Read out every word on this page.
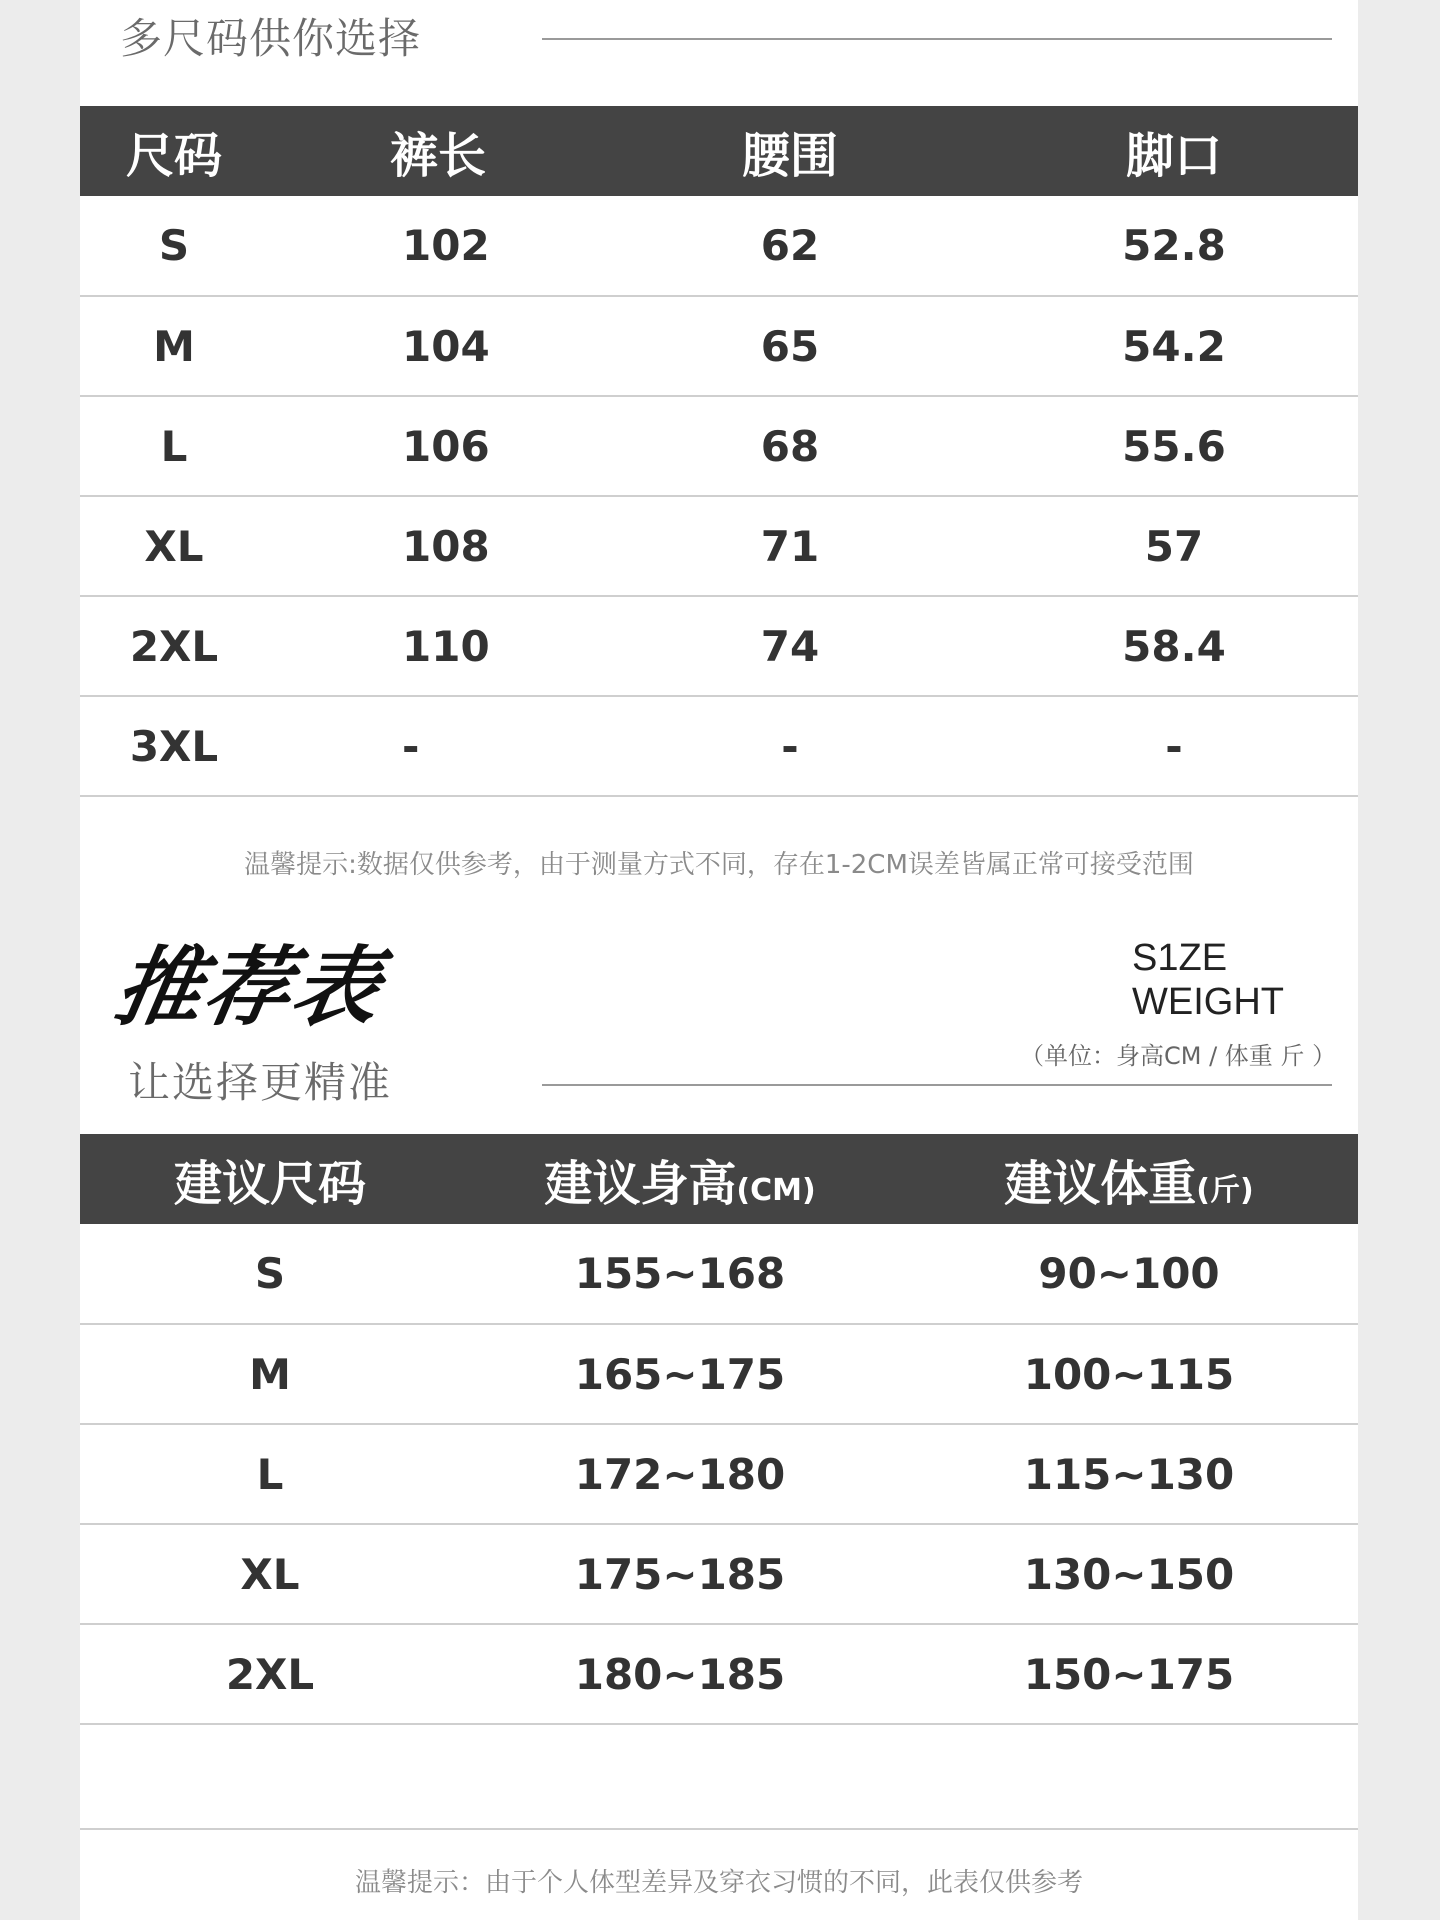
多尺码供你选择
尺码	裤长	腰围	脚口
S	102	62	52.8
M	104	65	54.2
L	106	68	55.6
XL	108	71	57
2XL	110	74	58.4
3XL	-	-	-
温馨提示:数据仅供参考，由于测量方式不同，存在1-2CM误差皆属正常可接受范围
推荐表
让选择更精准
S1ZE
WEIGHT
（单位：身高CM / 体重 斤 ）
建议尺码	建议身高(CM)	建议体重(斤)
S	155~168	90~100
M	165~175	100~115
L	172~180	115~130
XL	175~185	130~150
2XL	180~185	150~175
温馨提示：由于个人体型差异及穿衣习惯的不同，此表仅供参考
